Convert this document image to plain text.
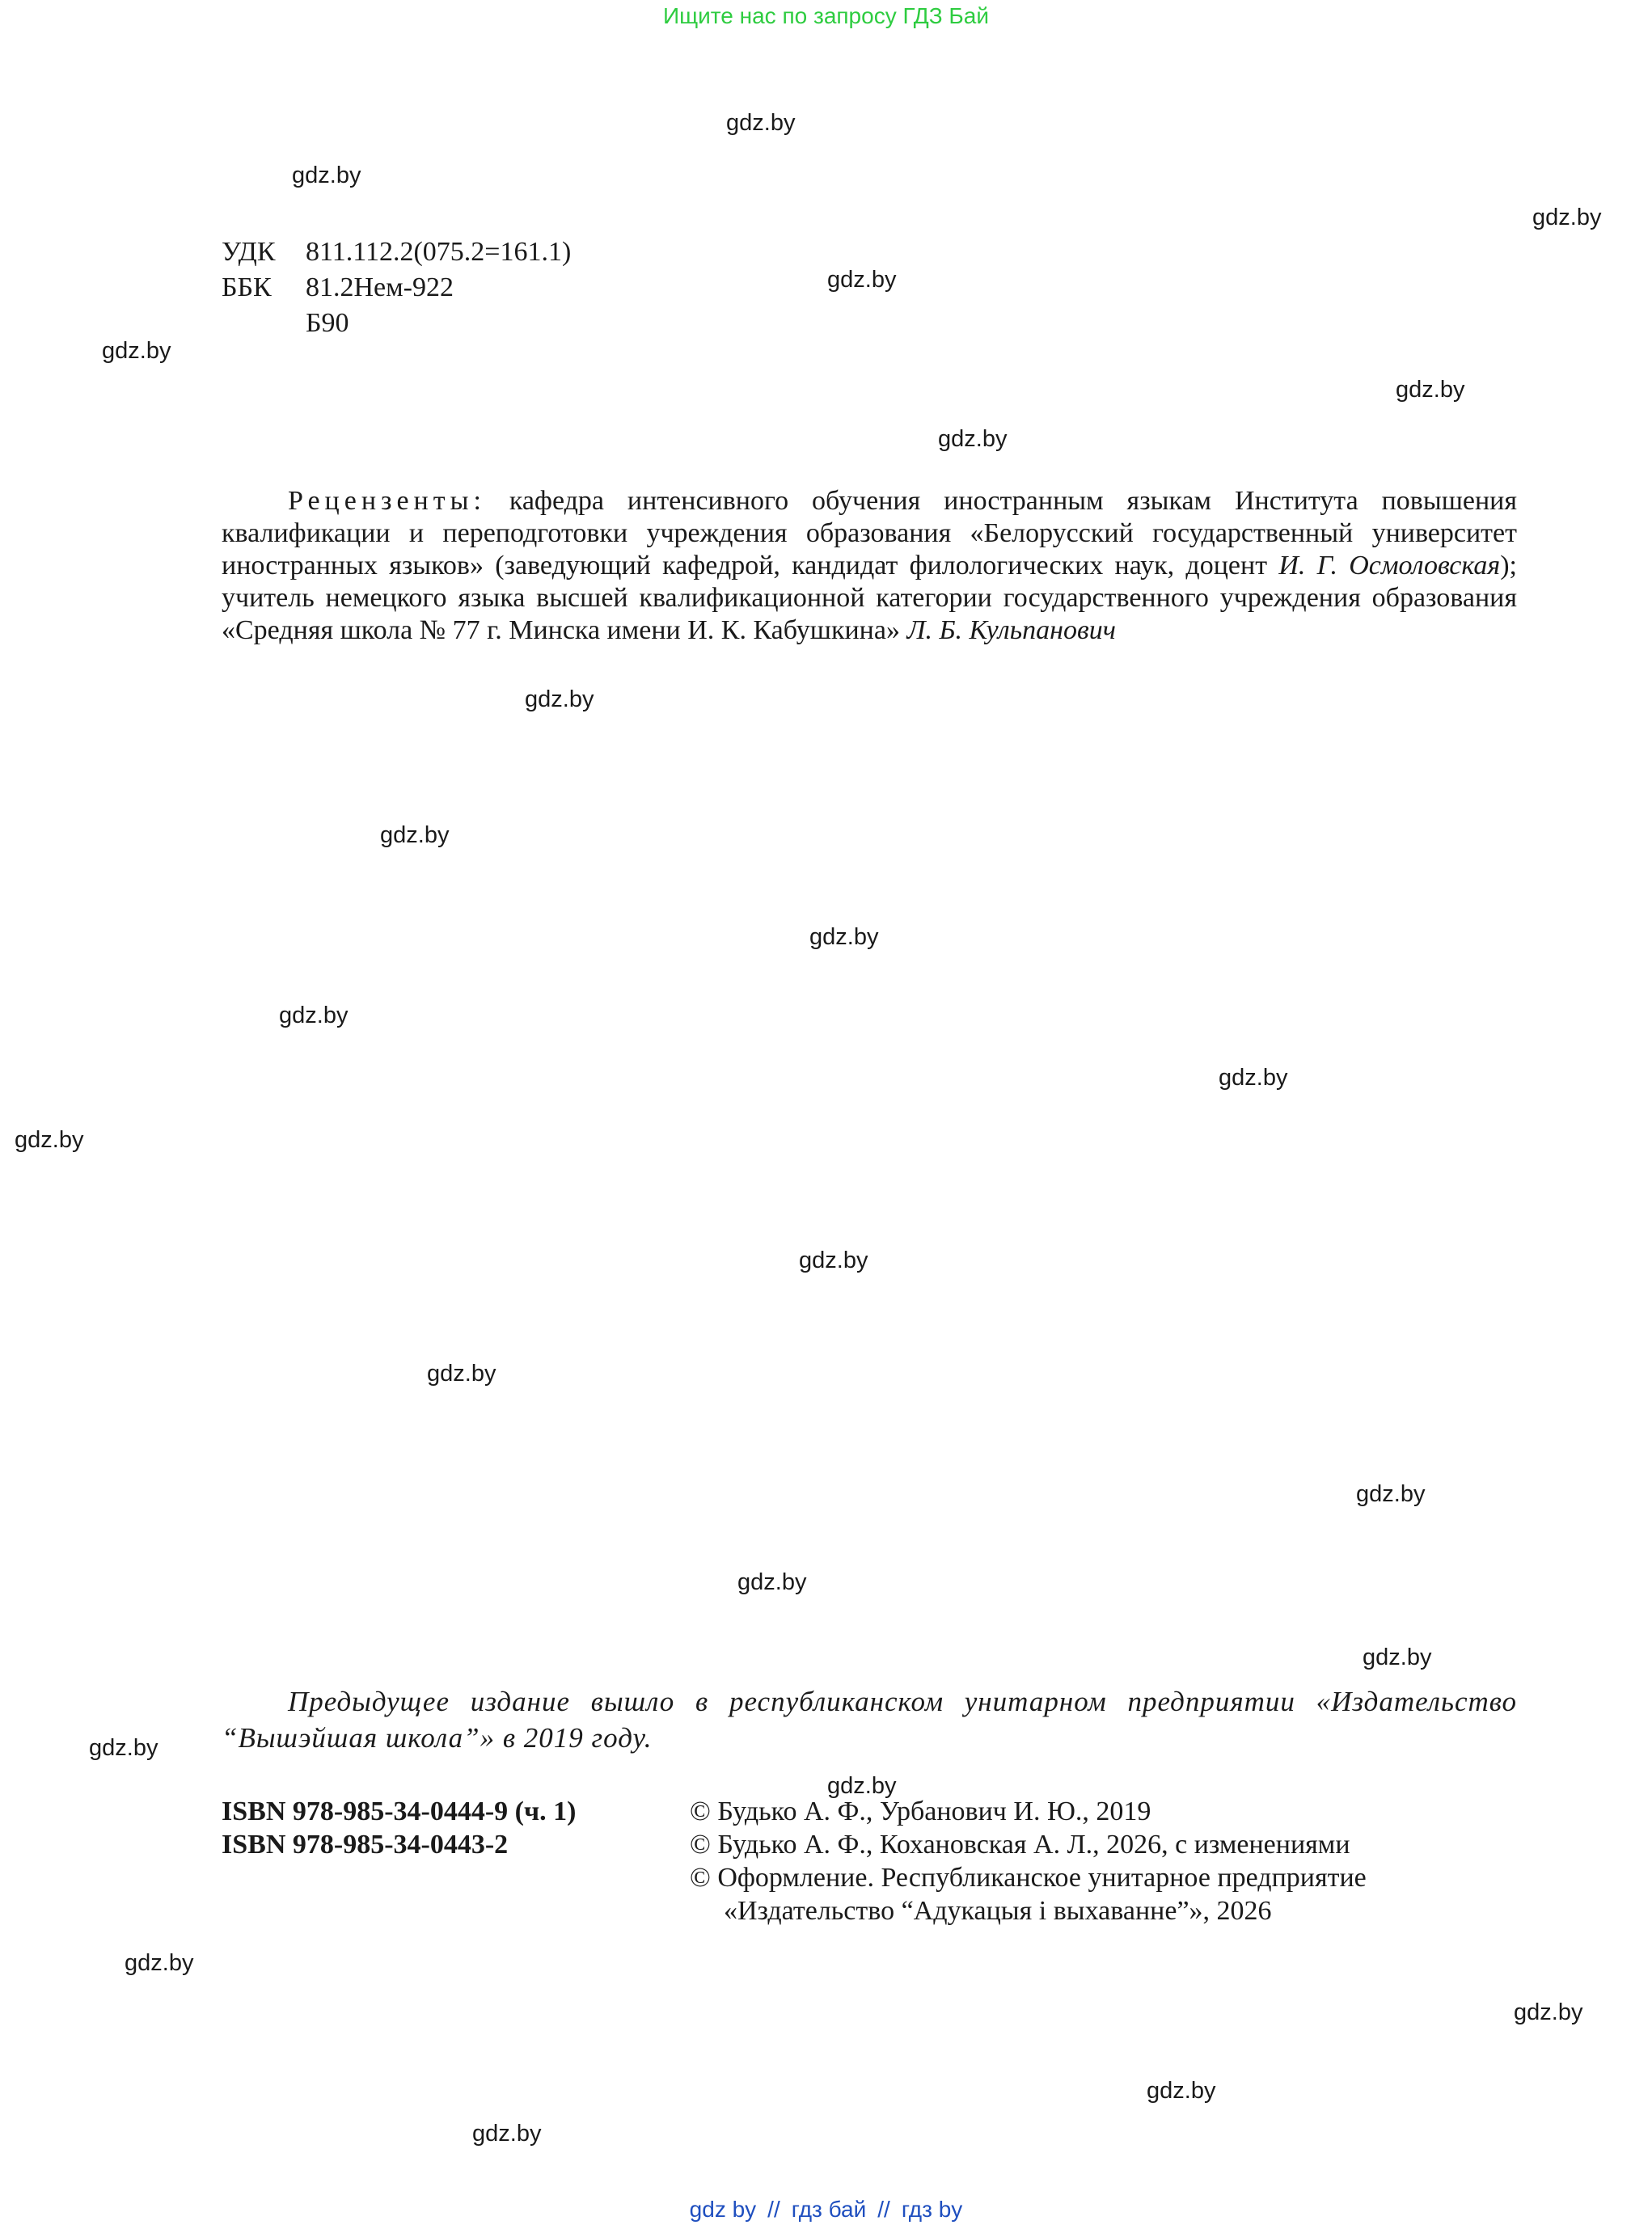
Ищите нас по запросу ГДЗ Бай
gdz.by
gdz.by
gdz.by
gdz.by
gdz.by
gdz.by
gdz.by
gdz.by
gdz.by
gdz.by
gdz.by
gdz.by
gdz.by
gdz.by
gdz.by
gdz.by
gdz.by
gdz.by
gdz.by
gdz.by
gdz.by
gdz.by
gdz.by
gdz.by
УДК	811.112.2(075.2=161.1)
ББК	81.2Нем-922
Б90
Рецензенты: кафедра интенсивного обучения иностранным языкам Института повышения квалификации и переподготовки учреждения образования «Белорусский государственный университет иностранных языков» (заведующий кафедрой, кандидат филологических наук, доцент И. Г. Осмоловская); учитель немецкого языка высшей квалификационной категории государственного учреждения образования «Средняя школа № 77 г. Минска имени И. К. Кабушкина» Л. Б. Кульпанович
Предыдущее издание вышло в республиканском унитарном предприятии «Издательство “Вышэйшая школа”» в 2019 году.
ISBN 978-985-34-0444-9 (ч. 1)
ISBN 978-985-34-0443-2
© Будько А. Ф., Урбанович И. Ю., 2019
© Будько А. Ф., Кохановская А. Л., 2026, с изменениями
© Оформление. Республиканское унитарное предприятие
«Издательство “Адукацыя і выхаванне”», 2026
gdz by // гдз бай // гдз by
